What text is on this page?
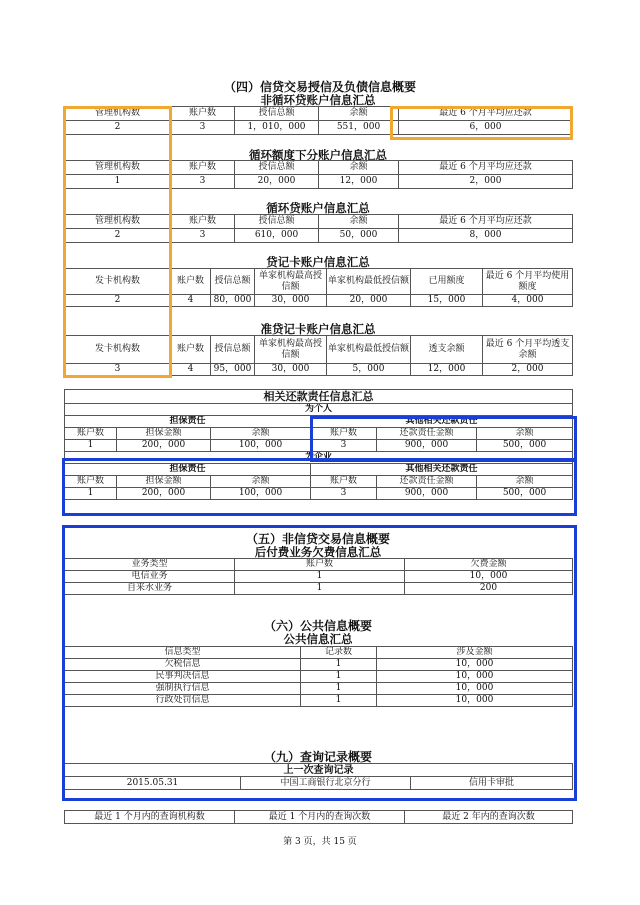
（四）信贷交易授信及负债信息概要
非循环贷账户信息汇总
管理机构数	账户数	授信总额	余额	最近 6 个月平均应还款
2	3	1，010，000	551，000	6，000
循环额度下分账户信息汇总
管理机构数	账户数	授信总额	余额	最近 6 个月平均应还款
1	3	20，000	12，000	2，000
循环贷账户信息汇总
管理机构数	账户数	授信总额	余额	最近 6 个月平均应还款
2	3	610，000	50，000	8，000
贷记卡账户信息汇总
发卡机构数	账户数	授信总额	单家机构最高授信额	单家机构最低授信额	已用额度	最近 6 个月平均使用额度
2	4	80，000	30，000	20，000	15，000	4，000
准贷记卡账户信息汇总
发卡机构数	账户数	授信总额	单家机构最高授信额	单家机构最低授信额	透支余额	最近 6 个月平均透支余额
3	4	95，000	30，000	5，000	12，000	2，000
相关还款责任信息汇总					
为个人					
担保责任			其他相关还款责任		
账户数	担保金额	余额	账户数	还款责任金额	余额
1	200，000	100，000	3	900，000	500，000
为企业					
担保责任			其他相关还款责任		
账户数	担保金额	余额	账户数	还款责任金额	余额
1	200，000	100，000	3	900，000	500，000
（五）非信贷交易信息概要
后付费业务欠费信息汇总
业务类型	账户数	欠费金额
电信业务	1	10，000
自来水业务	1	200
（六）公共信息概要
公共信息汇总
信息类型	记录数	涉及金额
欠税信息	1	10，000
民事判决信息	1	10，000
强制执行信息	1	10，000
行政处罚信息	1	10，000
（九）查询记录概要
上一次查询记录
2015.05.31	中国工商银行北京分行	信用卡审批
最近 1 个月内的查询机构数	最近 1 个月内的查询次数	最近 2 年内的查询次数
第 3 页，共 15 页
